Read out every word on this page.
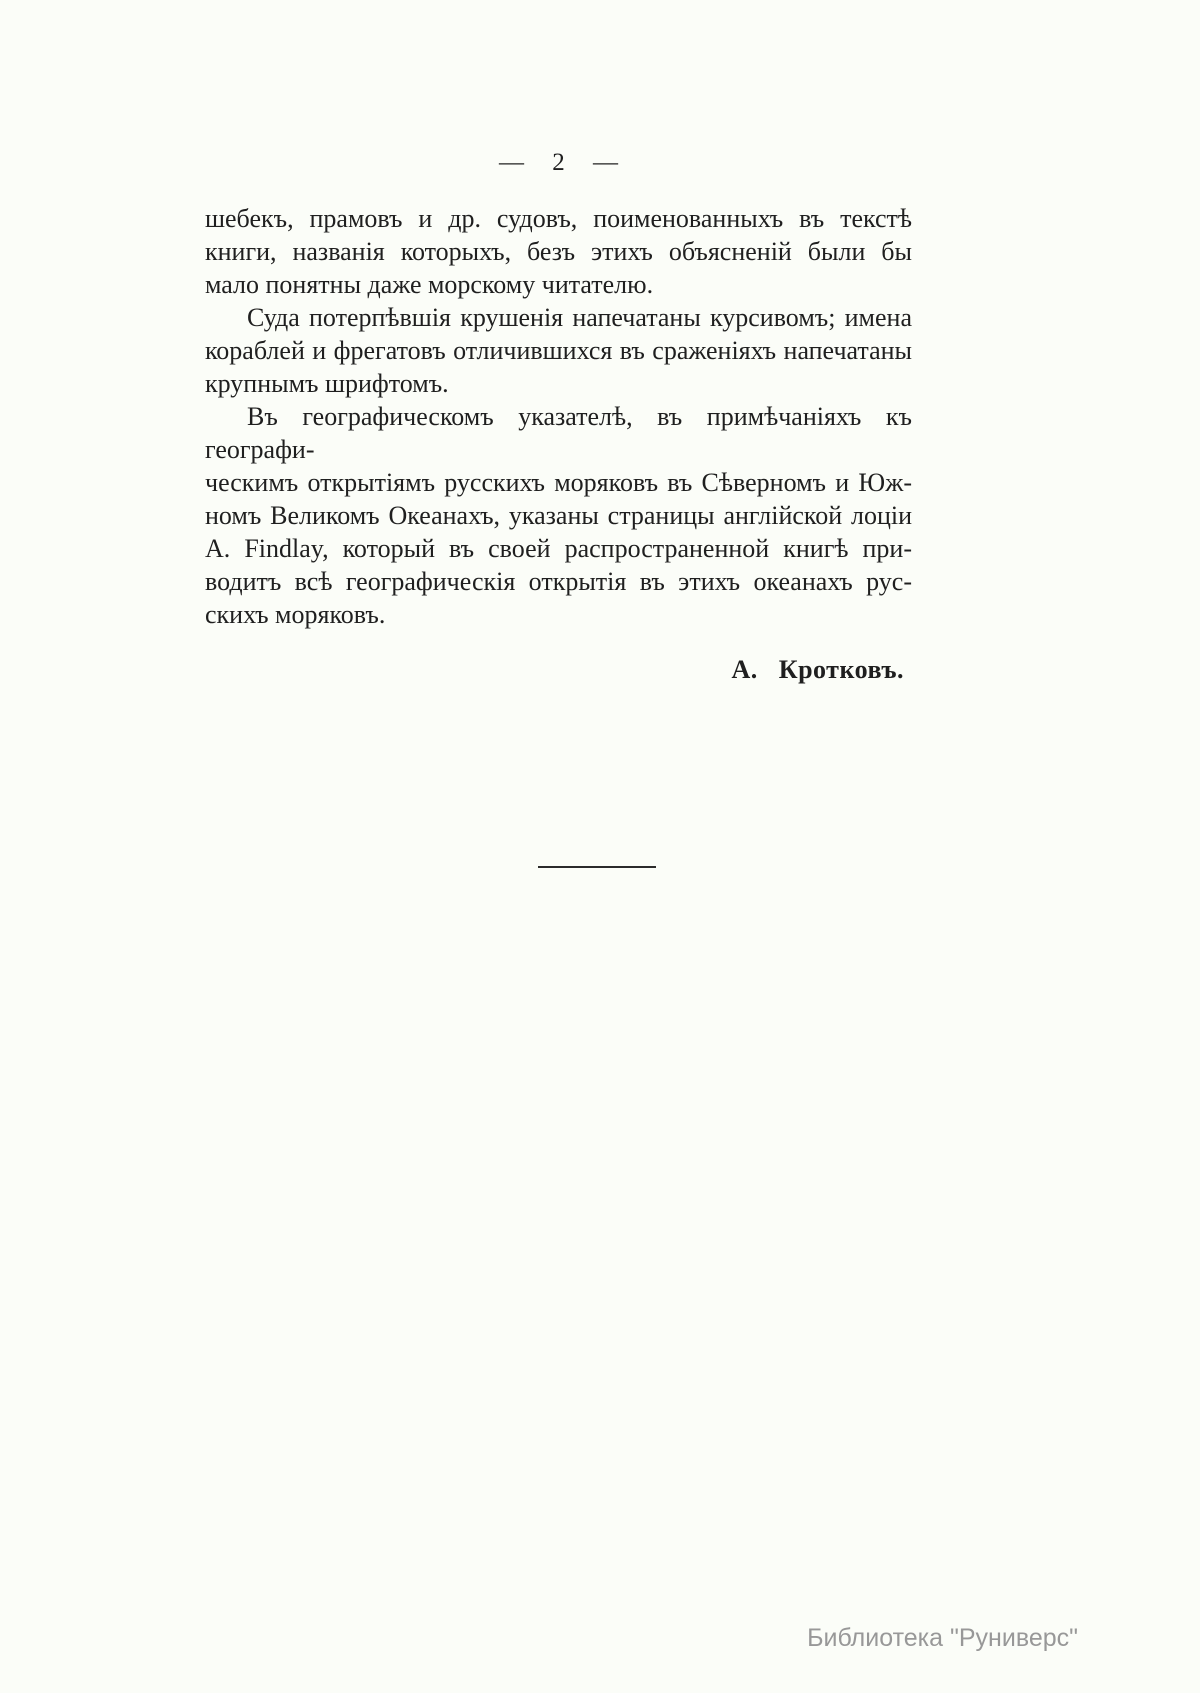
— 2 —
шебекъ, прамовъ и др. судовъ, поименованныхъ въ текстѣ
книги, названія которыхъ, безъ этихъ объясненій были бы
мало понятны даже морскому читателю.
Суда потерпѣвшія крушенія напечатаны курсивомъ; имена
кораблей и фрегатовъ отличившихся въ сраженіяхъ напечатаны
крупнымъ шрифтомъ.
Въ географическомъ указателѣ, въ примѣчаніяхъ къ географи-
ческимъ открытіямъ русскихъ моряковъ въ Сѣверномъ и Юж-
номъ Великомъ Океанахъ, указаны страницы англійской лоціи
А. Findlay, который въ своей распространенной книгѣ при-
водитъ всѣ географическія открытія въ этихъ океанахъ рус-
скихъ моряковъ.
А. Кротковъ.
Библиотека "Руниверс"
